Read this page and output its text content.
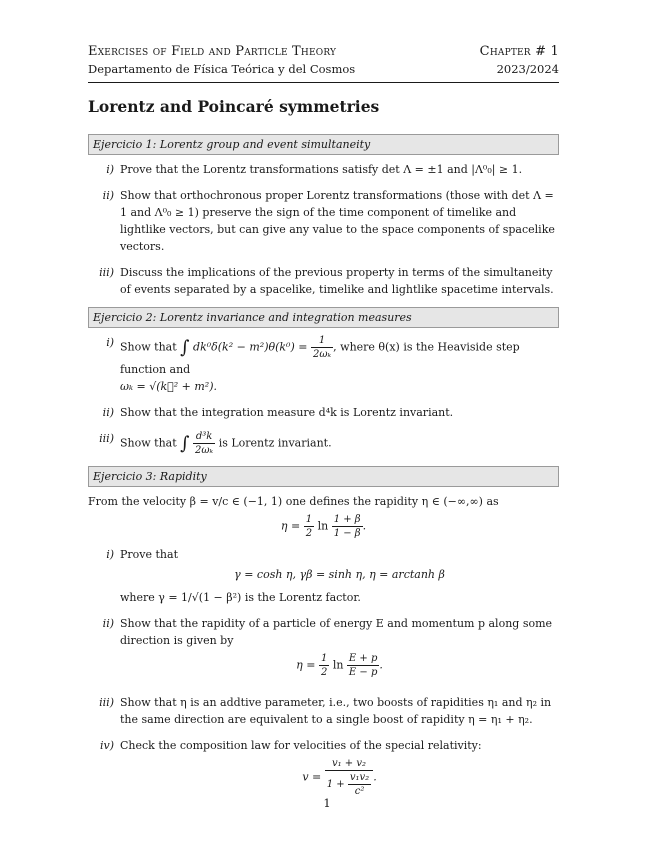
Exercises of Field and Particle Theory	Chapter # 1
Departamento de Física Teórica y del Cosmos	2023/2024
Lorentz and Poincaré symmetries
Ejercicio 1: Lorentz group and event simultaneity
i) Prove that the Lorentz transformations satisfy det Λ = ±1 and |Λ⁰₀| ≥ 1.
ii) Show that orthochronous proper Lorentz transformations (those with det Λ = 1 and Λ⁰₀ ≥ 1) preserve the sign of the time component of timelike and lightlike vectors, but can give any value to the space components of spacelike vectors.
iii) Discuss the implications of the previous property in terms of the simultaneity of events separated by a spacelike, timelike and lightlike spacetime intervals.
Ejercicio 2: Lorentz invariance and integration measures
i) Show that ∫ $dk^0\delta(k^2 - m^2)\theta(k^0) = \frac{1}{\text{2ωₖ}}$ , where θ(x) is the Heaviside step function and
ωₖ = √(k⃗² + m²).
ii) Show that the integration measure d⁴k is Lorentz invariant.
iii) Show that ∫ $\frac{\text{d³k}}{\text{2ωₖ}}$ is Lorentz invariant.
Ejercicio 3: Rapidity
From the velocity β = v/c ∈ (−1, 1) one defines the rapidity η ∈ (−∞,∞) as
$\eta = \frac{1}{2}$ $\ln \frac{1 + \beta}{1 - \beta}$ .
i) Prove that
γ = cosh η, γβ = sinh η, η = arctanh β
where γ = 1/√(1 − β²) is the Lorentz factor.
ii) Show that the rapidity of a particle of energy E and momentum p along some direction is given by
$\eta = \frac{1}{2}$ $\ln \frac{E + p}{E - p}$ .
iii) Show that η is an addtive parameter, i.e., two boosts of rapidities η₁ and η₂ in the same direction are equivalent to a single boost of rapidity η = η₁ + η₂.
iv) Check the composition law for velocities of the special relativity:
$v = \frac{\text{v₁ + v₂}}{1 + \frac{\text{v₁v₂}}{\text{c²}}}$ .
1
